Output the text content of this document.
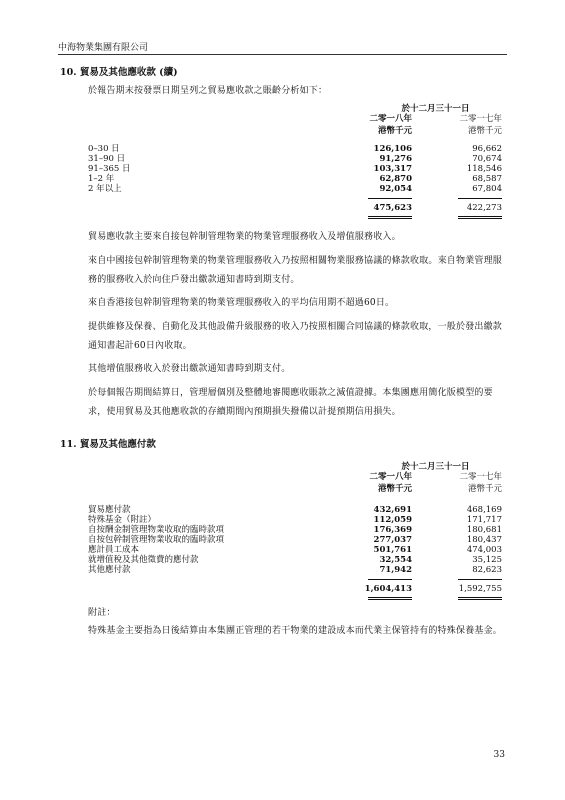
中海物業集團有限公司
10. 貿易及其他應收款 (續)
於報告期末按發票日期呈列之貿易應收款之賬齡分析如下：
於十二月三十一日
二零一八年
港幣千元
二零一七年
港幣千元
0–30 日	126,106	96,662
31–90 日	91,276	70,674
91–365 日	103,317	118,546
1–2 年	62,870	68,587
2 年以上	92,054	67,804
475,623	422,273
貿易應收款主要來自接包幹制管理物業的物業管理服務收入及增值服務收入。
來自中國接包幹制管理物業的物業管理服務收入乃按照相關物業服務協議的條款收取。來自物業管理服務的服務收入於向住戶發出繳款通知書時到期支付。
來自香港接包幹制管理物業的物業管理服務收入的平均信用期不超過60日。
提供維修及保養、自動化及其他設備升級服務的收入乃按照相關合同協議的條款收取，一般於發出繳款通知書起計60日內收取。
其他增值服務收入於發出繳款通知書時到期支付。
於每個報告期間結算日，管理層個別及整體地審閱應收賬款之減值證據。本集團應用簡化版模型的要求，使用貿易及其他應收款的存續期間內預期損失撥備以計提預期信用損失。
11. 貿易及其他應付款
於十二月三十一日
二零一八年
港幣千元
二零一七年
港幣千元
貿易應付款	432,691	468,169
特殊基金（附註）	112,059	171,717
自按酬金制管理物業收取的臨時款項	176,369	180,681
自按包幹制管理物業收取的臨時款項	277,037	180,437
應計員工成本	501,761	474,003
就增值稅及其他徵費的應付款	32,554	35,125
其他應付款	71,942	82,623
1,604,413	1,592,755
附註：
特殊基金主要指為日後結算由本集團正管理的若干物業的建設成本而代業主保管持有的特殊保養基金。
33
